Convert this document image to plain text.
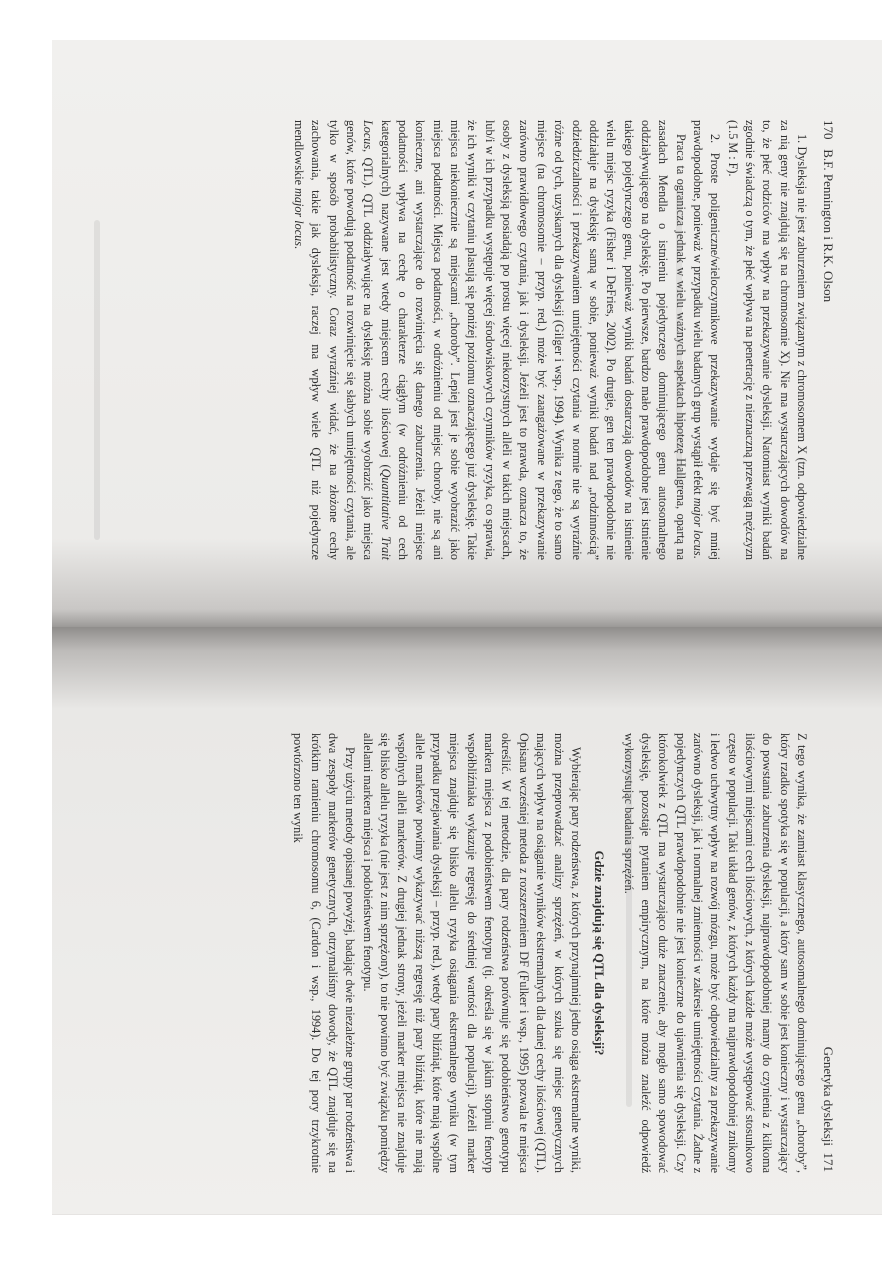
170   B.F. Pennington i R.K. Olson

1. Dysleksja nie jest zaburzeniem związanym z chromosomem X (tzn. odpowiedzialne za nią geny nie znajdują się na chromosomie X). Nie ma wystarczających dowodów na to, że płeć rodziców ma wpływ na przekazywanie dysleksji. Natomiast wyniki badań zgodnie świadczą o tym, że płeć wpływa na penetrację z nieznaczną przewagą mężczyzn (1.5 M : F).

2. Proste poligeniczne/wieloczynnikowe przekazywanie wydaje się być mniej prawdopodobne, ponieważ w przypadku wielu badanych grup wystąpił efekt major locus.

Praca ta ogranicza jednak w wielu ważnych aspektach hipotezę Hallgrena, opartą na zasadach Mendla o istnieniu pojedynczego dominującego genu autosomalnego oddziaływującego na dysleksję. Po pierwsze, bardzo mało prawdopodobne jest istnienie takiego pojedynczego genu, ponieważ wyniki badań dostarczają dowodów na istnienie wielu miejsc ryzyka (Fisher i DeFries, 2002). Po drugie, gen ten prawdopodobnie nie oddziałuje na dysleksję samą w sobie, ponieważ wyniki badań nad „rodzinnością” odziedziczalności i przekazywaniem umiejętności czytania w normie nie są wyraźnie różne od tych, uzyskanych dla dysleksji (Gilger i wsp., 1994). Wynika z tego, że to samo miejsce (na chromosomie – przyp. red.) może być zaangażowane w przekazywanie zarówno prawidłowego czytania, jak i dysleksji. Jeżeli jest to prawda, oznacza to, że osoby z dysleksją posiadają po prostu więcej niekorzystnych alleli w takich miejscach, lub/i w ich przypadku występuje więcej środowiskowych czynników ryzyka, co sprawia, że ich wyniki w czytaniu plasują się poniżej poziomu oznaczającego już dysleksję. Takie miejsca niekoniecznie są miejscami „choroby”. Lepiej jest je sobie wyobrazić jako miejsca podatności. Miejsca podatności, w odróżnieniu od miejsc choroby, nie są ani konieczne, ani wystarczające do rozwinięcia się danego zaburzenia. Jeżeli miejsce podatności wpływa na cechę o charakterze ciągłym (w odróżnieniu od cech kategorialnych) nazywane jest wtedy miejscem cechy ilościowej (Quantitative Trait Locus, QTL). QTL oddziaływujące na dysleksję można sobie wyobrazić jako miejsca genów, które powodują podatność na rozwinięcie się słabych umiejętności czytania, ale tylko w sposób probabilistyczny. Coraz wyraźniej widać, że na złożone cechy zachowania, takie jak dysleksja, raczej ma wpływ wiele QTL niż pojedyncze mendlowskie major locus.

Genetyka dysleksji  171

Z tego wynika, że zamiast klasycznego, autosomalnego dominującego genu „choroby”, który rzadko spotyka się w populacji, a który sam w sobie jest konieczny i wystarczający do powstania zaburzenia dysleksji, najprawdopodobniej mamy do czynienia z kilkoma ilościowymi miejscami cech ilościowych, z których każde może występować stosunkowo często w populacji. Taki układ genów, z których każdy ma najprawdopodobniej znikomy i ledwo uchwytny wpływ na rozwój mózgu, może być odpowiedzialny za przekazywanie zarówno dysleksji, jak i normalnej zmienności w zakresie umiejętności czytania. Żadne z pojedynczych QTL prawdopodobnie nie jest konieczne do ujawnienia się dysleksji. Czy którokolwiek z QTL ma wystarczająco duże znaczenie, aby mogło samo spowodować dysleksję, pozostaje pytaniem empirycznym, na które można znaleźć odpowiedź wykorzystując badania sprzężeń.

Gdzie znajdują się QTL dla dysleksji?

Wybierając pary rodzeństwa, z których przynajmniej jedno osiąga ekstremalne wyniki, można przeprowadzać analizy sprzężeń, w których szuka się miejsc genetycznych mających wpływ na osiąganie wyników ekstremalnych dla danej cechy ilościowej (QTL). Opisana wcześniej metoda z rozszerzeniem DF (Fulker i wsp., 1995) pozwala te miejsca określić. W tej metodzie, dla pary rodzeństwa porównuje się podobieństwo genotypu markera miejsca z podobieństwem fenotypu (tj. określa się w jakim stopniu fenotyp współbliźniaka wykazuje regresję do średniej wartości dla populacji). Jeżeli marker miejsca znajduje się blisko allelu ryzyka osiągania ekstremalnego wyniku (w tym przypadku przejawiania dysleksji – przyp. red.), wtedy pary bliźniąt, które mają wspólne allele markerów powinny wykazywać niższą regresję niż pary bliźniąt, które nie mają wspólnych alleli markerów. Z drugiej jednak strony, jeżeli marker miejsca nie znajduje się blisko allelu ryzyka (nie jest z nim sprzężony), to nie powinno być związku pomiędzy allelami markera miejsca i podobieństwem fenotypu.

Przy użyciu metody opisanej powyżej, badając dwie niezależne grupy par rodzeństwa i dwa zespoły markerów genetycznych, otrzymaliśmy dowody, że QTL znajduje się na krótkim ramieniu chromosomu 6, (Cardon i wsp., 1994). Do tej pory trzykrotnie powtórzono ten wynik
